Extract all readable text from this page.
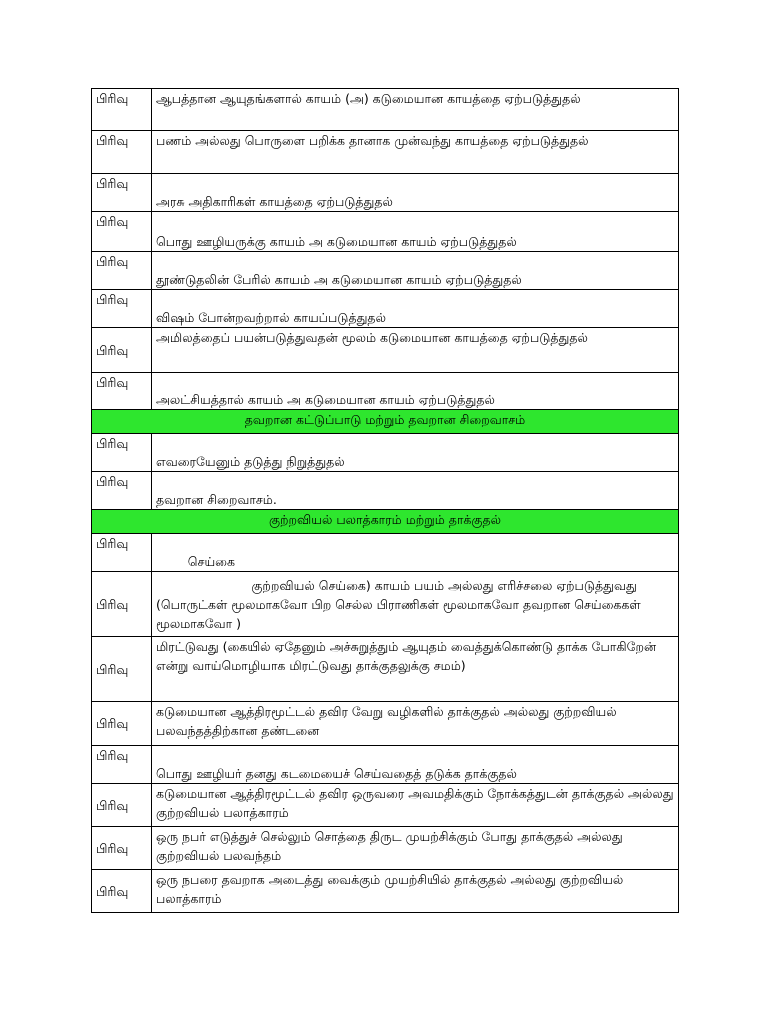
பிரிவு	ஆபத்தான ஆயுதங்களால் காயம் (அ) கடுமையான காயத்தை ஏற்படுத்துதல்
பிரிவு	பணம் அல்லது பொருளை பறிக்க தானாக முன்வந்து காயத்தை ஏற்படுத்துதல்
பிரிவு	அரசு அதிகாரிகள் காயத்தை ஏற்படுத்துதல்
பிரிவு	பொது ஊழியருக்கு காயம் அ கடுமையான காயம் ஏற்படுத்துதல்
பிரிவு	தூண்டுதலின் பேரில் காயம் அ கடுமையான காயம் ஏற்படுத்துதல்
பிரிவு	விஷம் போன்றவற்றால் காயப்படுத்துதல்
பிரிவு	அமிலத்தைப் பயன்படுத்துவதன் மூலம் கடுமையான காயத்தை ஏற்படுத்துதல்
பிரிவு	அலட்சியத்தால் காயம் அ கடுமையான காயம் ஏற்படுத்துதல்
தவறான கட்டுப்பாடு மற்றும் தவறான சிறைவாசம்	
பிரிவு	எவரையேனும் தடுத்து நிறுத்துதல்
பிரிவு	தவறான சிறைவாசம்.
குற்றவியல் பலாத்காரம் மற்றும் தாக்குதல்	
பிரிவு	செய்கை
பிரிவு	குற்றவியல் செய்கை) காயம் பயம் அல்லது எரிச்சலை ஏற்படுத்துவது (பொருட்கள் மூலமாகவோ பிற செல்ல பிராணிகள் மூலமாகவோ தவறான செய்கைகள் மூலமாகவோ )
பிரிவு	மிரட்டுவது (கையில் ஏதேனும் அச்சுறுத்தும் ஆயுதம் வைத்துக்கொண்டு தாக்க போகிறேன் என்று வாய்மொழியாக மிரட்டுவது தாக்குதலுக்கு சமம்)
பிரிவு	கடுமையான ஆத்திரமூட்டல் தவிர வேறு வழிகளில் தாக்குதல் அல்லது குற்றவியல் பலவந்தத்திற்கான தண்டனை
பிரிவு	பொது ஊழியர் தனது கடமையைச் செய்வதைத் தடுக்க தாக்குதல்
பிரிவு	கடுமையான ஆத்திரமூட்டல் தவிர ஒருவரை அவமதிக்கும் நோக்கத்துடன் தாக்குதல் அல்லது குற்றவியல் பலாத்காரம்
பிரிவு	ஒரு நபர் எடுத்துச் செல்லும் சொத்தை திருட முயற்சிக்கும் போது தாக்குதல் அல்லது குற்றவியல் பலவந்தம்
பிரிவு	ஒரு நபரை தவறாக அடைத்து வைக்கும் முயற்சியில் தாக்குதல் அல்லது குற்றவியல் பலாத்காரம்
